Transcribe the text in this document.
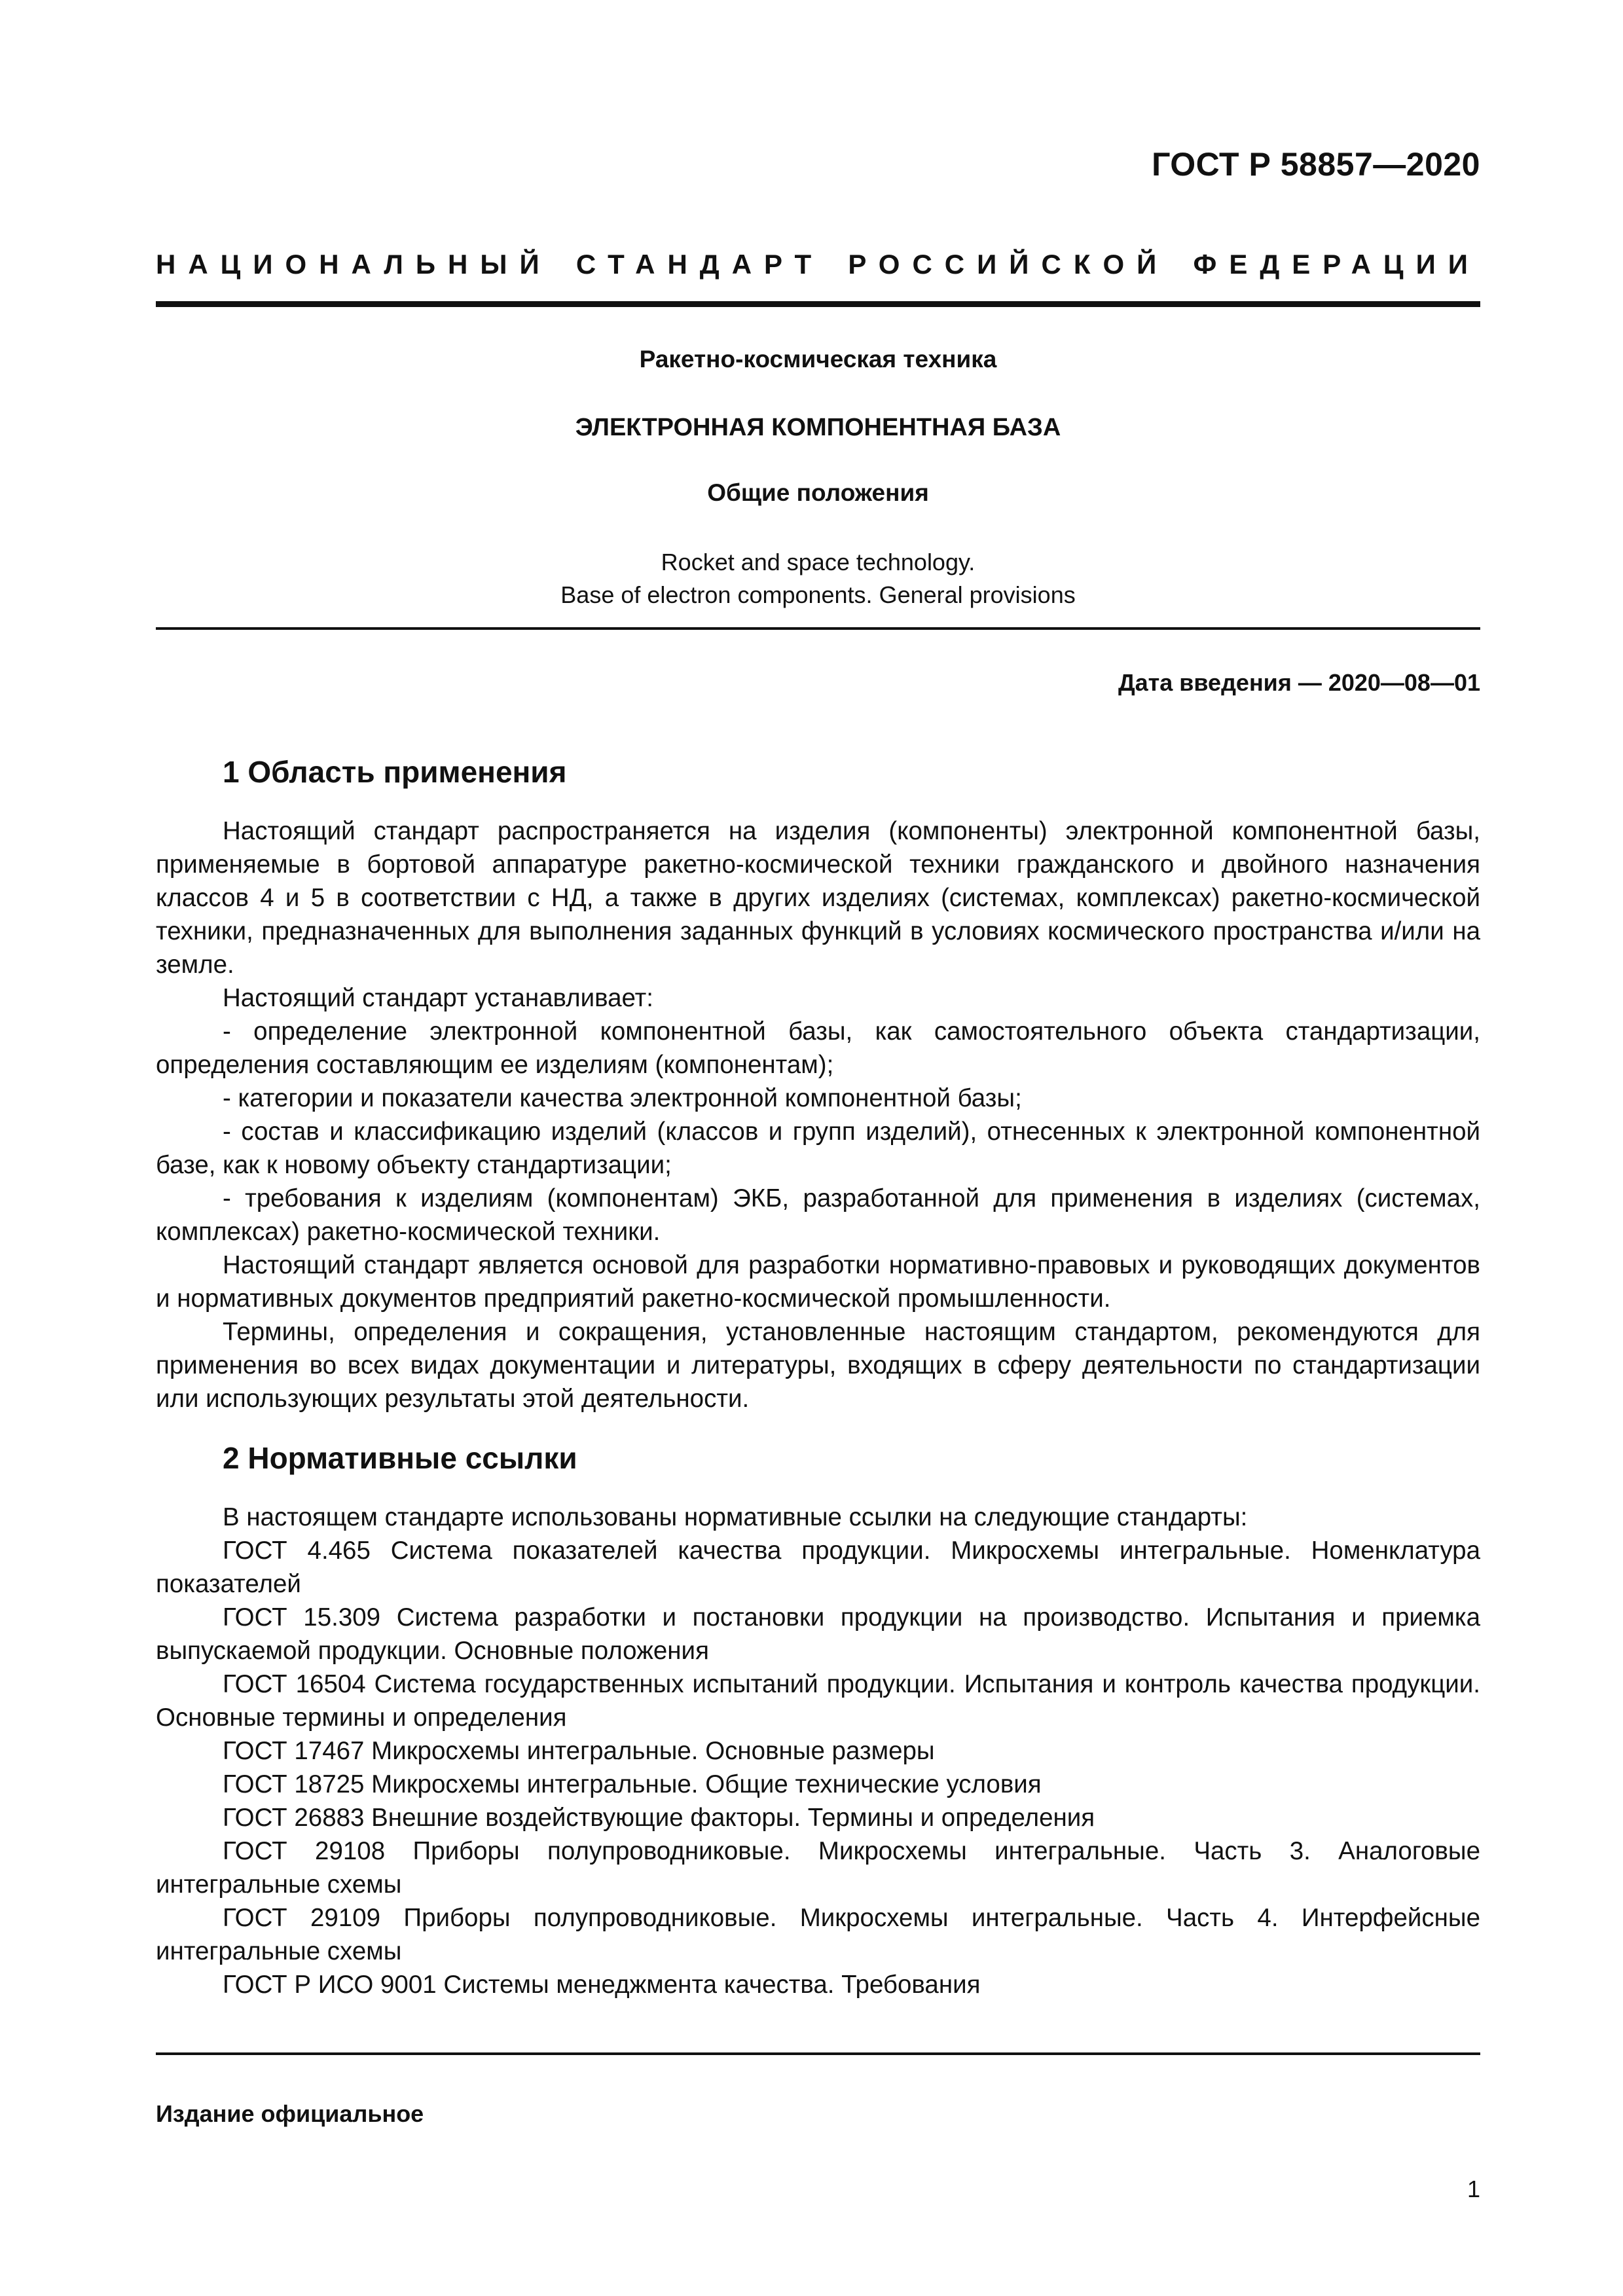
ГОСТ Р 58857—2020
НАЦИОНАЛЬНЫЙ СТАНДАРТ РОССИЙСКОЙ ФЕДЕРАЦИИ
Ракетно-космическая техника
ЭЛЕКТРОННАЯ КОМПОНЕНТНАЯ БАЗА
Общие положения
Rocket and space technology.
Base of electron components. General provisions
Дата введения — 2020—08—01
1 Область применения

Настоящий стандарт распространяется на изделия (компоненты) электронной компонентной базы, применяемые в бортовой аппаратуре ракетно-космической техники гражданского и двойного назначения классов 4 и 5 в соответствии с НД, а также в других изделиях (системах, комплексах) ракетно-космической техники, предназначенных для выполнения заданных функций в условиях космического пространства и/или на земле.

Настоящий стандарт устанавливает:

- определение электронной компонентной базы, как самостоятельного объекта стандартизации, определения составляющим ее изделиям (компонентам);

- категории и показатели качества электронной компонентной базы;

- состав и классификацию изделий (классов и групп изделий), отнесенных к электронной компонентной базе, как к новому объекту стандартизации;

- требования к изделиям (компонентам) ЭКБ, разработанной для применения в изделиях (системах, комплексах) ракетно-космической техники.

Настоящий стандарт является основой для разработки нормативно-правовых и руководящих документов и нормативных документов предприятий ракетно-космической промышленности.

Термины, определения и сокращения, установленные настоящим стандартом, рекомендуются для применения во всех видах документации и литературы, входящих в сферу деятельности по стандартизации или использующих результаты этой деятельности.

2 Нормативные ссылки

В настоящем стандарте использованы нормативные ссылки на следующие стандарты:

ГОСТ 4.465 Система показателей качества продукции. Микросхемы интегральные. Номенклатура показателей

ГОСТ 15.309 Система разработки и постановки продукции на производство. Испытания и приемка выпускаемой продукции. Основные положения

ГОСТ 16504 Система государственных испытаний продукции. Испытания и контроль качества продукции. Основные термины и определения

ГОСТ 17467 Микросхемы интегральные. Основные размеры

ГОСТ 18725 Микросхемы интегральные. Общие технические условия

ГОСТ 26883 Внешние воздействующие факторы. Термины и определения

ГОСТ 29108 Приборы полупроводниковые. Микросхемы интегральные. Часть 3. Аналоговые интегральные схемы

ГОСТ 29109 Приборы полупроводниковые. Микросхемы интегральные. Часть 4. Интерфейсные интегральные схемы

ГОСТ Р ИСО 9001 Системы менеджмента качества. Требования

Издание официальное
1
